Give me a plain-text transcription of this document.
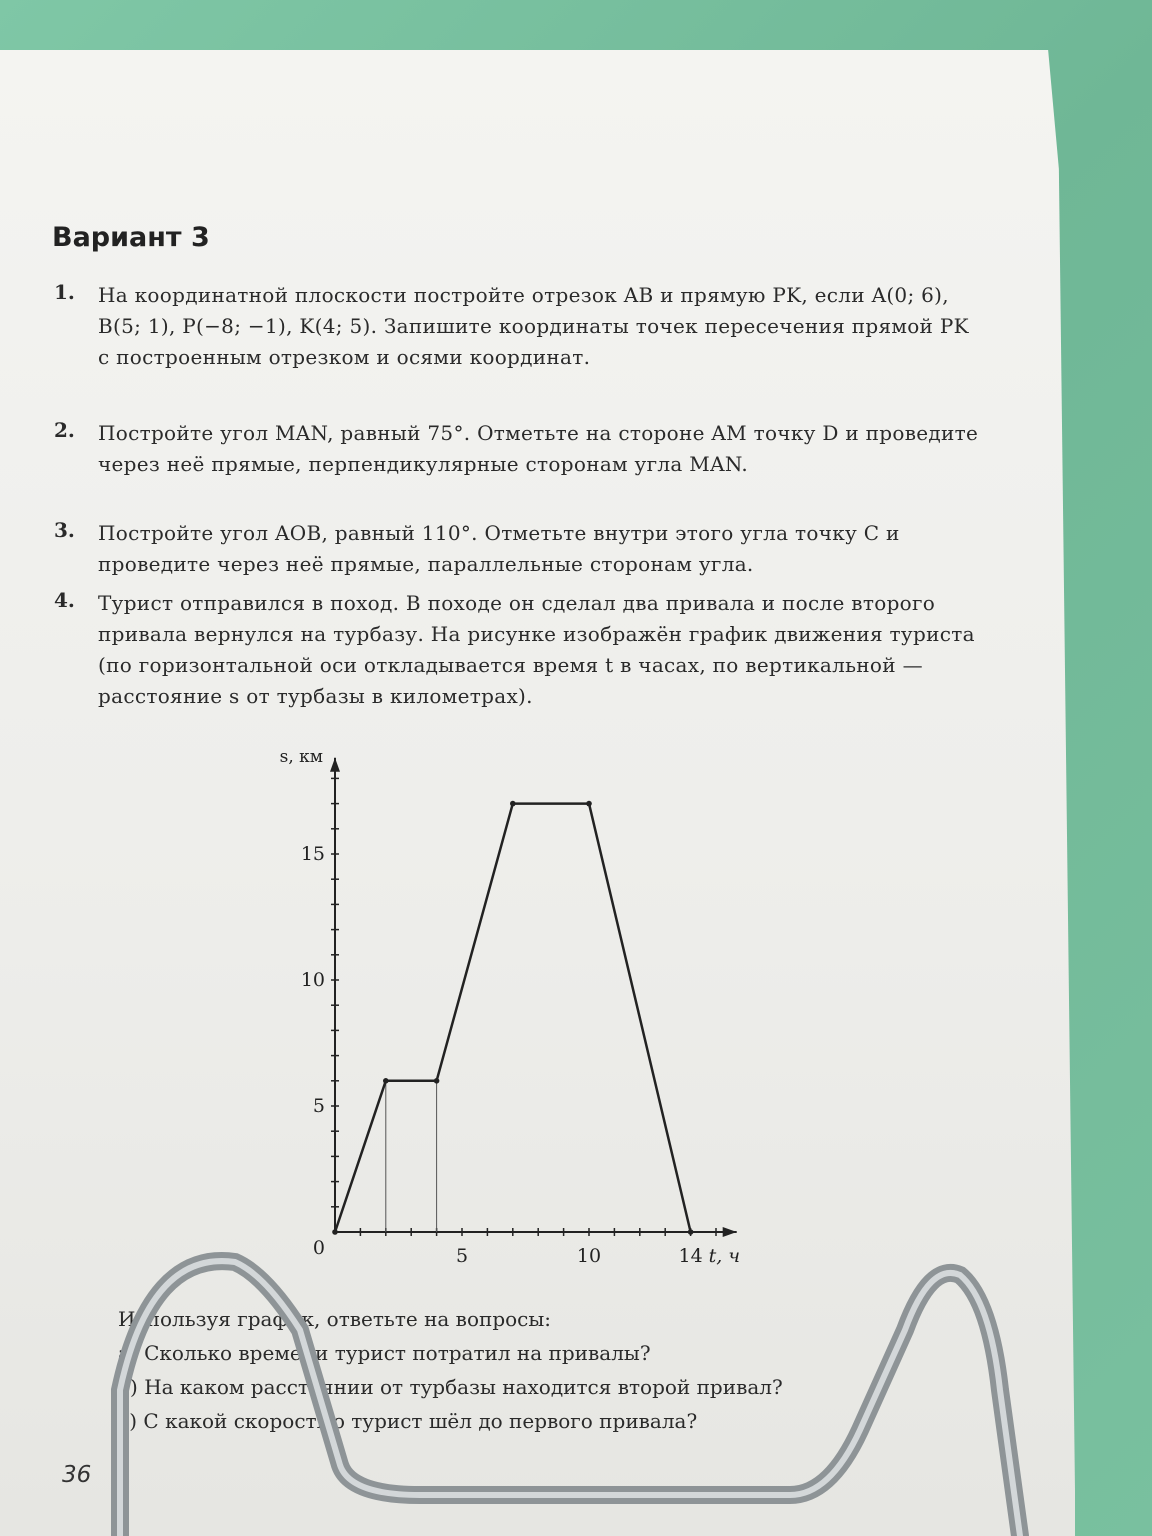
Вариант 3
1. На координатной плоскости постройте отрезок AB и прямую PK, если A(0; 6), B(5; 1), P(−8; −1), K(4; 5). Запишите координаты точек пересечения прямой PK с построенным отрезком и осями координат.
2. Постройте угол MAN, равный 75°. Отметьте на стороне AM точку D и проведите через неё прямые, перпендикулярные сторонам угла MAN.
3. Постройте угол AOB, равный 110°. Отметьте внутри этого угла точку C и проведите через неё прямые, параллельные сторонам угла.
4. Турист отправился в поход. В походе он сделал два привала и после второго привала вернулся на турбазу. На рисунке изображён график движения туриста (по горизонтальной оси откладывается время t в часах, по вертикальной — расстояние s от турбазы в километрах).
5	10	14
5
10
15
0
s, км
t, ч

Используя график, ответьте на вопросы:

а) Сколько времени турист потратил на привалы?

б) На каком расстоянии от турбазы находится второй привал?

в) С какой скоростью турист шёл до первого привала?

36
